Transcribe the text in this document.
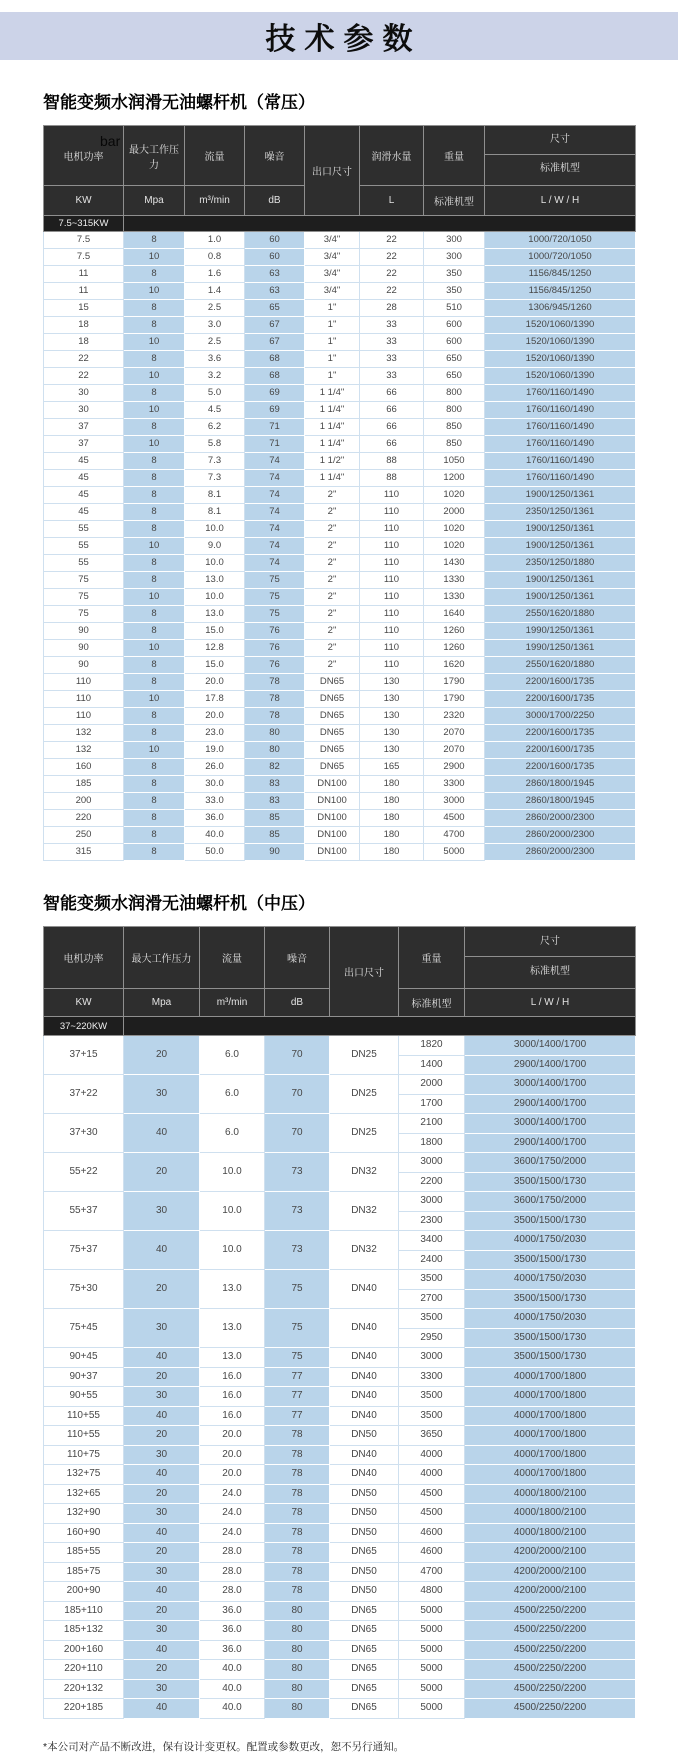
技术参数
智能变频水润滑无油螺杆机（常压）
bar
电机功率	最大工作压力	流量	噪音	出口尺寸	润滑水量	重量	尺寸
标准机型

KW	Mpa	m³/min	dB		L	标准机型	L / W / H
7.5~315KW							
7.5	8	1.0	60	3/4"	22	300	1000/720/1050
7.5	10	0.8	60	3/4"	22	300	1000/720/1050
11	8	1.6	63	3/4"	22	350	1156/845/1250
11	10	1.4	63	3/4"	22	350	1156/845/1250
15	8	2.5	65	1"	28	510	1306/945/1260
18	8	3.0	67	1"	33	600	1520/1060/1390
18	10	2.5	67	1"	33	600	1520/1060/1390
22	8	3.6	68	1"	33	650	1520/1060/1390
22	10	3.2	68	1"	33	650	1520/1060/1390
30	8	5.0	69	1 1/4"	66	800	1760/1160/1490
30	10	4.5	69	1 1/4"	66	800	1760/1160/1490
37	8	6.2	71	1 1/4"	66	850	1760/1160/1490
37	10	5.8	71	1 1/4"	66	850	1760/1160/1490
45	8	7.3	74	1 1/2"	88	1050	1760/1160/1490
45	8	7.3	74	1 1/4"	88	1200	1760/1160/1490
45	8	8.1	74	2"	110	1020	1900/1250/1361
45	8	8.1	74	2"	110	2000	2350/1250/1361
55	8	10.0	74	2"	110	1020	1900/1250/1361
55	10	9.0	74	2"	110	1020	1900/1250/1361
55	8	10.0	74	2"	110	1430	2350/1250/1880
75	8	13.0	75	2"	110	1330	1900/1250/1361
75	10	10.0	75	2"	110	1330	1900/1250/1361
75	8	13.0	75	2"	110	1640	2550/1620/1880
90	8	15.0	76	2"	110	1260	1990/1250/1361
90	10	12.8	76	2"	110	1260	1990/1250/1361
90	8	15.0	76	2"	110	1620	2550/1620/1880
110	8	20.0	78	DN65	130	1790	2200/1600/1735
110	10	17.8	78	DN65	130	1790	2200/1600/1735
110	8	20.0	78	DN65	130	2320	3000/1700/2250
132	8	23.0	80	DN65	130	2070	2200/1600/1735
132	10	19.0	80	DN65	130	2070	2200/1600/1735
160	8	26.0	82	DN65	165	2900	2200/1600/1735
185	8	30.0	83	DN100	180	3300	2860/1800/1945
200	8	33.0	83	DN100	180	3000	2860/1800/1945
220	8	36.0	85	DN100	180	4500	2860/2000/2300
250	8	40.0	85	DN100	180	4700	2860/2000/2300
315	8	50.0	90	DN100	180	5000	2860/2000/2300
智能变频水润滑无油螺杆机（中压）
电机功率	最大工作压力	流量	噪音	出口尺寸	重量	尺寸
标准机型

KW	Mpa	m³/min	dB		标准机型	L / W / H
37~220KW						
37+15	20	6.0	70	DN25	1820	3000/1400/1700
					1400	2900/1400/1700
37+22	30	6.0	70	DN25	2000	3000/1400/1700
					1700	2900/1400/1700
37+30	40	6.0	70	DN25	2100	3000/1400/1700
					1800	2900/1400/1700
55+22	20	10.0	73	DN32	3000	3600/1750/2000
					2200	3500/1500/1730
55+37	30	10.0	73	DN32	3000	3600/1750/2000
					2300	3500/1500/1730
75+37	40	10.0	73	DN32	3400	4000/1750/2030
					2400	3500/1500/1730
75+30	20	13.0	75	DN40	3500	4000/1750/2030
					2700	3500/1500/1730
75+45	30	13.0	75	DN40	3500	4000/1750/2030
					2950	3500/1500/1730
90+45	40	13.0	75	DN40	3000	3500/1500/1730
90+37	20	16.0	77	DN40	3300	4000/1700/1800
90+55	30	16.0	77	DN40	3500	4000/1700/1800
110+55	40	16.0	77	DN40	3500	4000/1700/1800
110+55	20	20.0	78	DN50	3650	4000/1700/1800
110+75	30	20.0	78	DN40	4000	4000/1700/1800
132+75	40	20.0	78	DN40	4000	4000/1700/1800
132+65	20	24.0	78	DN50	4500	4000/1800/2100
132+90	30	24.0	78	DN50	4500	4000/1800/2100
160+90	40	24.0	78	DN50	4600	4000/1800/2100
185+55	20	28.0	78	DN65	4600	4200/2000/2100
185+75	30	28.0	78	DN50	4700	4200/2000/2100
200+90	40	28.0	78	DN50	4800	4200/2000/2100
185+110	20	36.0	80	DN65	5000	4500/2250/2200
185+132	30	36.0	80	DN65	5000	4500/2250/2200
200+160	40	36.0	80	DN65	5000	4500/2250/2200
220+110	20	40.0	80	DN65	5000	4500/2250/2200
220+132	30	40.0	80	DN65	5000	4500/2250/2200
220+185	40	40.0	80	DN65	5000	4500/2250/2200

*本公司对产品不断改进，保有设计变更权。配置或参数更改，恕不另行通知。
